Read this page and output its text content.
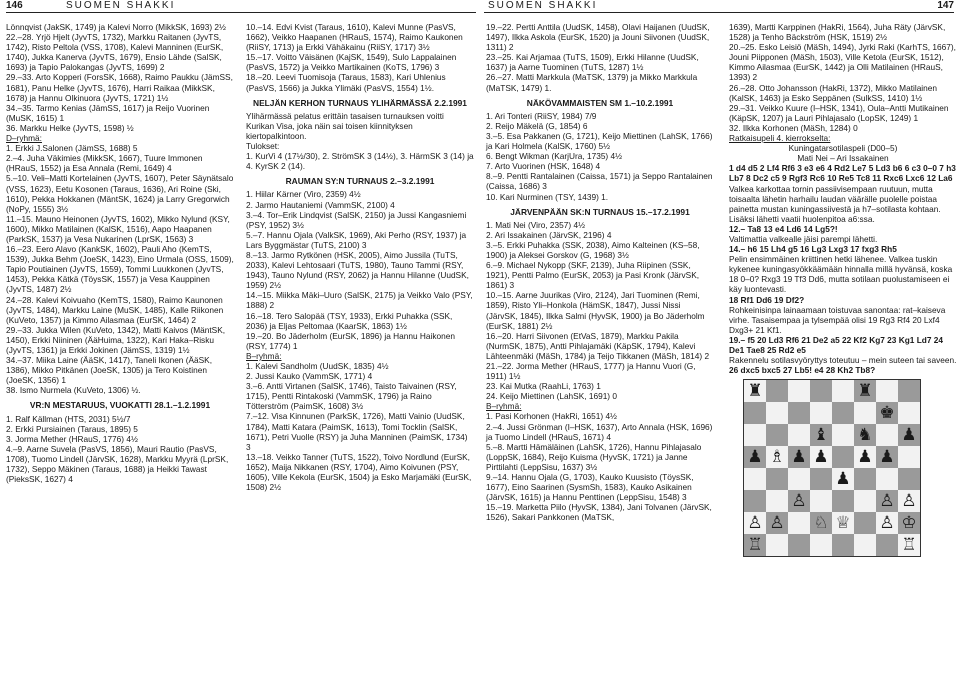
146	SUOMEN SHAKKI	SUOMEN SHAKKI	147

Lönnqvist (JakSK, 1749) ja Kalevi Norro (MikkSK, 1693) 2½

22.–28. Yrjö Hjelt (JyvTS, 1732), Markku Raitanen (JyvTS, 1742), Risto Peltola (VSS, 1708), Kalevi Manninen (EurSK, 1740), Jukka Kanerva (JyvTS, 1679), Ensio Lähde (SalSK, 1693) ja Tapio Palokangas (JyvTS, 1699) 2

29.–33. Arto Kopperi (ForsSK, 1668), Raimo Paukku (JämSS, 1681), Panu Helke (JyvTS, 1676), Harri Raikaa (MikkSK, 1678) ja Hannu Olkinuora (JyvTS, 1721) 1½

34.–35. Tarmo Kenias (JämSS, 1617) ja Reijo Vuorinen (MuSK, 1615) 1

36. Markku Helke (JyvTS, 1598) ½

D–ryhmä:

1. Erkki J.Salonen (JämSS, 1688) 5

2.–4. Juha Väkimies (MikkSK, 1667), Tuure Immonen (HRauS, 1552) ja Esa Annala (Remi, 1649) 4

5.–10. Veli–Matti Kortelainen (JyvTS, 1607), Peter Säynätsalo (VSS, 1623), Eetu Kosonen (Taraus, 1636), Ari Roine (Ski, 1610), Pekka Hokkanen (MäntSK, 1624) ja Larry Gregorwich (NoPy, 1555) 3½

11.–15. Mauno Heinonen (JyvTS, 1602), Mikko Nylund (KSY, 1600), Mikko Matilainen (KalSK, 1516), Aapo Haapanen (ParkSK, 1537) ja Vesa Nukarinen (LprSK, 1563) 3

16.–23. Eero Alavo (KankSK, 1602), Pauli Aho (KemTS, 1539), Jukka Behm (JoeSK, 1423), Eino Urmala (OSS, 1509), Tapio Poutiainen (JyvTS, 1559), Tommi Luukkonen (JyvTS, 1453), Pekka Kätkä (TöysSK, 1557) ja Vesa Kauppinen (JyvTS, 1487) 2½

24.–28. Kalevi Koivuaho (KemTS, 1580), Raimo Kaunonen (JyvTS, 1484), Markku Laine (MuSK, 1485), Kalle Riikonen (KuVeto, 1357) ja Kimmo Ailasmaa (EurSK, 1464) 2

29.–33. Jukka Wilen (KuVeto, 1342), Matti Kaivos (MäntSK, 1450), Erkki Niininen (ÄäHuima, 1322), Kari Haka–Risku (JyvTS, 1361) ja Erkki Jokinen (JämSS, 1319) 1½

34.–37. Miika Laine (ÄäSK, 1417), Taneli Ikonen (ÄäSK, 1386), Mikko Pitkänen (JoeSK, 1305) ja Tero Koistinen (JoeSK, 1356) 1

38. Ismo Nurmela (KuVeto, 1306) ½.

VR:N MESTARUUS, VUOKATTI 28.1.–1.2.1991

1. Ralf Källman (HTS, 2031) 5½/7

2. Erkki Pursiainen (Taraus, 1895) 5

3. Jorma Mether (HRauS, 1776) 4½

4.–9. Aarne Suvela (PasVS, 1856), Mauri Rautio (PasVS, 1708), Tuomo Lindell (JärvSK, 1628), Markku Myyrä (LprSK, 1732), Seppo Mäkinen (Taraus, 1688) ja Heikki Tawast (PieksSK, 1627) 4

10.–14. Edvi Kvist (Taraus, 1610), Kalevi Munne (PasVS, 1662), Veikko Haapanen (HRauS, 1574), Raimo Kaukonen (RiiSY, 1713) ja Erkki Vähäkainu (RiiSY, 1717) 3½

15.–17. Voitto Väisänen (KajSK, 1549), Sulo Lappalainen (PasVS, 1572) ja Veikko Martikainen (KoTS, 1796) 3

18.–20. Leevi Tuomisoja (Taraus, 1583), Kari Uhlenius (PasVS, 1566) ja Jukka Ylimäki (PasVS, 1554) 1½.

NELJÄN KERHON TURNAUS YLIHÄRMÄSSÄ 2.2.1991

Ylihärmässä pelatus erittäin tasaisen turnauksen voitti Kurikan Visa, joka näin sai toisen kiinnityksen kiertopalkintoon.

Tulokset:

1. KurVi 4 (17½/30), 2. StrömSK 3 (14½), 3. HärmSK 3 (14) ja 4. KyrSK 2 (14).

RAUMAN SY:N TURNAUS 2.–3.2.1991

1. Hiilar Kärner (Viro, 2359) 4½

2. Jarmo Hautaniemi (VammSK, 2100) 4

3.–4. Tor–Erik Lindqvist (SalSK, 2150) ja Jussi Kangasniemi (PSY, 1952) 3½

5.–7. Hannu Ojala (ValkSK, 1969), Aki Perho (RSY, 1937) ja Lars Byggmästar (TuTS, 2100) 3

8.–13. Jarmo Rytkönen (HSK, 2005), Aimo Jussila (TuTS, 2033), Kalevi Lehtosaari (TuTS, 1980), Tauno Tammi (RSY, 1943), Tauno Nylund (RSY, 2062) ja Hannu Hilanne (UudSK, 1959) 2½

14.–15. Miikka Mäki–Uuro (SalSK, 2175) ja Veikko Valo (PSY, 1888) 2

16.–18. Tero Salopää (TSY, 1933), Erkki Puhakka (SSK, 2036) ja Eljas Peltomaa (KaarSK, 1863) 1½

19.–20. Bo Jäderholm (EurSK, 1896) ja Hannu Haikonen (RSY, 1774) 1

B–ryhmä:

1. Kalevi Sandholm (UudSK, 1835) 4½

2. Jussi Kauko (VammSK, 1771) 4

3.–6. Antti Virtanen (SalSK, 1746), Taisto Taivainen (RSY, 1715), Pentti Rintakoski (VammSK, 1796) ja Raino Tötterström (PaimSK, 1608) 3½

7.–12. Visa Kinnunen (ParkSK, 1726), Matti Vainio (UudSK, 1784), Matti Katara (PaimSK, 1613), Tomi Tocklin (SalSK, 1671), Petri Vuolle (RSY) ja Juha Manninen (PaimSK, 1734) 3

13.–18. Veikko Tanner (TuTS, 1522), Toivo Nordlund (EurSK, 1652), Maija Nikkanen (RSY, 1704), Aimo Koivunen (PSY, 1605), Ville Kekola (EurSK, 1504) ja Esko Marjamäki (EurSK, 1508) 2½

19.–22. Pertti Anttila (UudSK, 1458), Olavi Haijanen (UudSK, 1497), Ilkka Askola (EurSK, 1520) ja Jouni Siivonen (UudSK, 1311) 2

23.–25. Kai Arjamaa (TuTS, 1509), Erkki Hilanne (UudSK, 1637) ja Aarne Tuominen (TuTS, 1287) 1½

26.–27. Matti Markkula (MaTSK, 1379) ja Mikko Markkula (MaTSK, 1479) 1.

NÄKÖVAMMAISTEN SM 1.–10.2.1991

1. Ari Tonteri (RiiSY, 1984) 7/9

2. Reijo Mäkelä (G, 1854) 6

3.–5. Esa Pakkanen (G, 1721), Keijo Miettinen (LahSK, 1766) ja Kari Holmela (KalSK, 1760) 5½

6. Bengt Wikman (KarjUra, 1735) 4½

7. Arto Vuorinen (HSK, 1648) 4

8.–9. Pentti Rantalainen (Caissa, 1571) ja Seppo Rantalainen (Caissa, 1686) 3

10. Kari Nurminen (TSY, 1439) 1.

JÄRVENPÄÄN SK:N TURNAUS 15.–17.2.1991

1. Mati Nei (Viro, 2357) 4½

2. Ari Issakainen (JärvSK, 2196) 4

3.–5. Erkki Puhakka (SSK, 2038), Aimo Kalteinen (KS–58, 1900) ja Aleksei Gorskov (G, 1968) 3½

6.–9. Michael Nykopp (SKF, 2139), Juha Riipinen (SSK, 1921), Pentti Palmo (EurSK, 2053) ja Pasi Kronk (JärvSK, 1861) 3

10.–15. Aarne Juurikas (Viro, 2124), Jari Tuominen (Remi, 1859), Risto Yli–Honkola (HämSK, 1847), Jussi Nissi (JärvSK, 1845), Ilkka Salmi (HyvSK, 1900) ja Bo Jäderholm (EurSK, 1881) 2½

16.–20. Harri Siivonen (EtVaS, 1879), Markku Pakila (NurmSK, 1875), Antti Pihlajamäki (KäpSK, 1794), Kalevi Lähteenmäki (MäSh, 1784) ja Teijo Tikkanen (MäSh, 1814) 2

21.–22. Jorma Mether (HRauS, 1777) ja Hannu Vuori (G, 1911) 1½

23. Kai Mutka (RaahLi, 1763) 1

24. Keijo Miettinen (LahSK, 1691) 0

B–ryhmä:

1. Pasi Korhonen (HakRi, 1651) 4½

2.–4. Jussi Grönman (I–HSK, 1637), Arto Annala (HSK, 1696) ja Tuomo Lindell (HRauS, 1671) 4

5.–8. Martti Hämäläinen (LahSK, 1726), Hannu Pihlajasalo (LoppSK, 1684), Reijo Kuisma (HyvSK, 1721) ja Janne Pirttilahti (LeppSisu, 1637) 3½

9.–14. Hannu Ojala (G, 1703), Kauko Kuusisto (TöysSK, 1677), Eino Saarinen (SysmSh, 1583), Kauko Asikainen (JärvSK, 1615) ja Hannu Penttinen (LeppSisu, 1548) 3

15.–19. Marketta Piilo (HyvSK, 1384), Jani Tolvanen (JärvSK, 1526), Sakari Pankkonen (MaTSK,

1639), Martti Karppinen (HakRi, 1564), Juha Räty (JärvSK, 1528) ja Tenho Bäckström (HSK, 1519) 2½

20.–25. Esko Leisiö (MäSh, 1494), Jyrki Raki (KarhTS, 1667), Jouni Piipponen (MäSh, 1503), Ville Ketola (EurSK, 1512), Kimmo Ailasmaa (EurSK, 1442) ja Olli Matilainen (HRauS, 1393) 2

26.–28. Otto Johansson (HakRi, 1372), Mikko Matilainen (KalSK, 1463) ja Esko Seppänen (SulkSS, 1410) 1½

29.–31. Veikko Kuure (I–HSK, 1341), Oula–Antti Mutikainen (KäpSK, 1207) ja Lauri Pihlajasalo (LopSK, 1249) 1

32. Ilkka Korhonen (MäSh, 1284) 0

Ratkaisupeli 4. kierrokselta:

Kuningatarsotilaspeli (D00–5)

Mati Nei – Ari Issakainen

1 d4 d5 2 Lf4 Rf6 3 e3 e6 4 Rd2 Le7 5 Ld3 b6 6 c3 0–0 7 h3 Lb7 8 Dc2 c5 9 Rgf3 Rc6 10 Re5 Tc8 11 Rxc6 Lxc6 12 La6

Valkea karkottaa tornin passiivisempaan ruutuun, mutta toisaalta lähetin harhailu laudan väärälle puolelle poistaa painetta mustan kuningassiivestä ja h7–sotilasta kohtaan. Lisäksi lähetti vaatii huolenpitoa a6:ssa.

12.– Ta8 13 e4 Ld6 14 Lg5?!

Valtimattia valkealle jäisi parempi lähetti.

14.– h6 15 Lh4 g5 16 Lg3 Lxg3 17 fxg3 Rh5

Pelin ensimmäinen kriittinen hetki lähenee. Valkea tuskin kykenee kuningasyökkäämään hinnalla millä hyvänsä, koska 18 0–0? Rxg3 19 Tf3 Dd6, mutta sotilaan puolustamiseen ei käy luontevasti.

18 Rf1 Dd6 19 Df2?

Rohkeinisinpa lainaamaan toistuvaa sanontaa: rat–kaiseva virhe. Tasaisempaa ja tylsempää olisi 19 Rg3 Rf4 20 Lxf4 Dxg3+ 21 Kf1.

19.– f5 20 Ld3 Rf6 21 De2 a5 22 Kf2 Kg7 23 Kg1 Ld7 24 De1 Tae8 25 Rd2 e5

Rakennelu sotilasvyöryttys toteutuu – mein suteen tai saveen.

26 dxc5 bxc5 27 Lb5! e4 28 Kh2 Tb8?

♜	♜
♚
♝ ♞ ♟
♟ ♗ ♟ ♟ ♟ ♟
♟
♙	♙ ♙
♙ ♙ ♘ ♕ ♙ ♔
♖	♖
